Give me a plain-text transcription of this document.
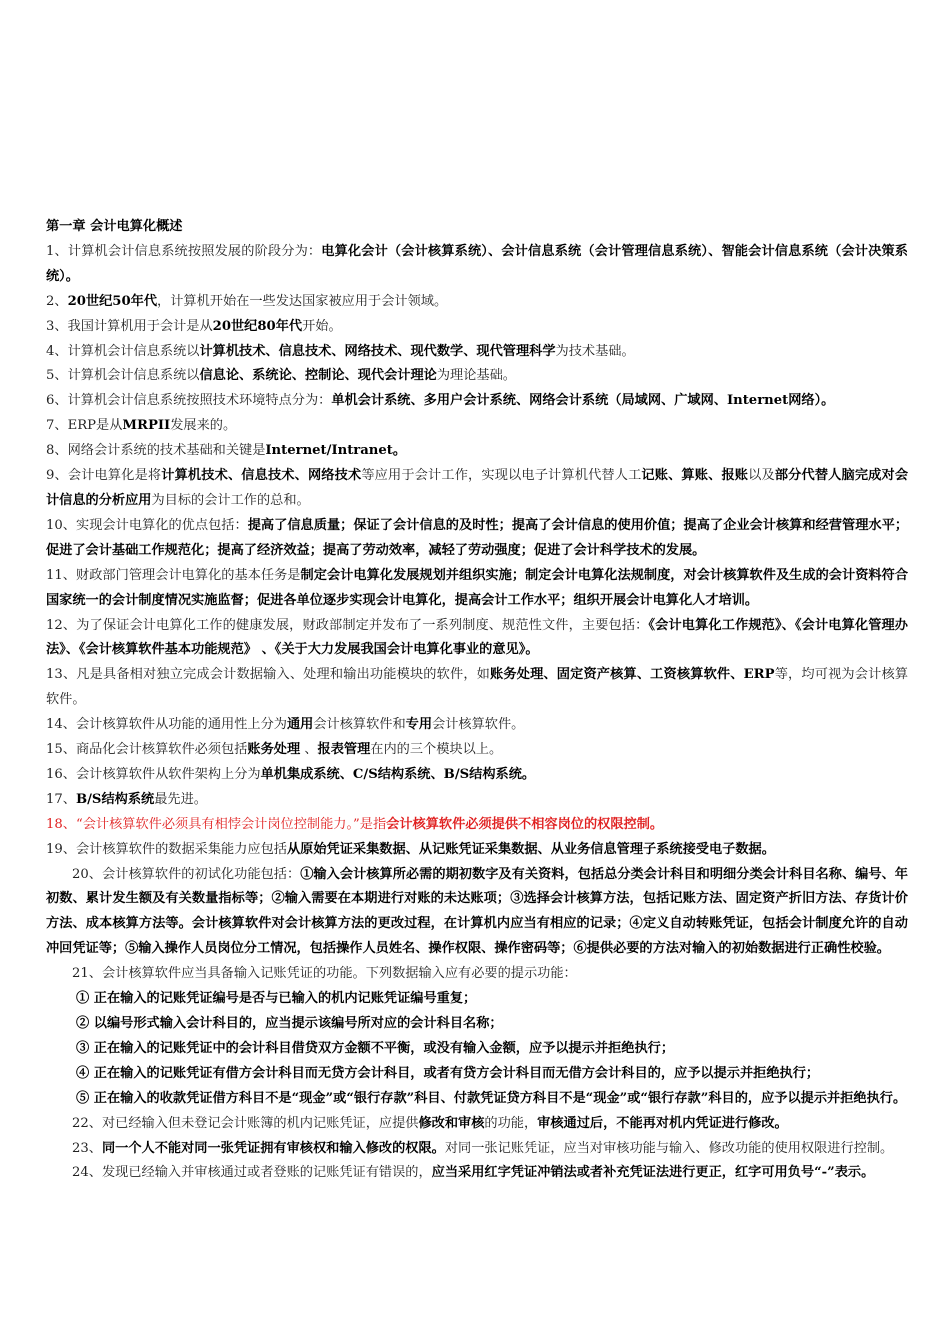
第一章 会计电算化概述

1、计算机会计信息系统按照发展的阶段分为：电算化会计（会计核算系统）、会计信息系统（会计管理信息系统）、智能会计信息系统（会计决策系统）。

2、20世纪50年代，计算机开始在一些发达国家被应用于会计领域。

3、我国计算机用于会计是从20世纪80年代开始。

4、计算机会计信息系统以计算机技术、信息技术、网络技术、现代数学、现代管理科学为技术基础。

5、计算机会计信息系统以信息论、系统论、控制论、现代会计理论为理论基础。

6、计算机会计信息系统按照技术环境特点分为：单机会计系统、多用户会计系统、网络会计系统（局域网、广域网、Internet网络）。

7、ERP是从MRPII发展来的。

8、网络会计系统的技术基础和关键是Internet/Intranet。

9、会计电算化是将计算机技术、信息技术、网络技术等应用于会计工作，实现以电子计算机代替人工记账、算账、报账以及部分代替人脑完成对会计信息的分析应用为目标的会计工作的总和。

10、实现会计电算化的优点包括：提高了信息质量；保证了会计信息的及时性；提高了会计信息的使用价值；提高了企业会计核算和经营管理水平；促进了会计基础工作规范化；提高了经济效益；提高了劳动效率，减轻了劳动强度；促进了会计科学技术的发展。

11、财政部门管理会计电算化的基本任务是制定会计电算化发展规划并组织实施；制定会计电算化法规制度，对会计核算软件及生成的会计资料符合国家统一的会计制度情况实施监督；促进各单位逐步实现会计电算化，提高会计工作水平；组织开展会计电算化人才培训。

12、为了保证会计电算化工作的健康发展，财政部制定并发布了一系列制度、规范性文件，主要包括：《会计电算化工作规范》、《会计电算化管理办法》、《会计核算软件基本功能规范》 、《关于大力发展我国会计电算化事业的意见》。

13、凡是具备相对独立完成会计数据输入、处理和输出功能模块的软件，如账务处理、固定资产核算、工资核算软件、ERP等，均可视为会计核算软件。

14、会计核算软件从功能的通用性上分为通用会计核算软件和专用会计核算软件。

15、商品化会计核算软件必须包括账务处理 、报表管理在内的三个模块以上。

16、会计核算软件从软件架构上分为单机集成系统、C/S结构系统、B/S结构系统。

17、B/S结构系统最先进。

18、“会计核算软件必须具有相悖会计岗位控制能力。”是指会计核算软件必须提供不相容岗位的权限控制。

19、会计核算软件的数据采集能力应包括从原始凭证采集数据、从记账凭证采集数据、从业务信息管理子系统接受电子数据。

20、会计核算软件的初试化功能包括：①输入会计核算所必需的期初数字及有关资料，包括总分类会计科目和明细分类会计科目名称、编号、年初数、累计发生额及有关数量指标等；②输入需要在本期进行对账的未达账项；③选择会计核算方法，包括记账方法、固定资产折旧方法、存货计价方法、成本核算方法等。会计核算软件对会计核算方法的更改过程，在计算机内应当有相应的记录；④定义自动转账凭证，包括会计制度允许的自动冲回凭证等；⑤输入操作人员岗位分工情况，包括操作人员姓名、操作权限、操作密码等；⑥提供必要的方法对输入的初始数据进行正确性校验。

21、会计核算软件应当具备输入记账凭证的功能。下列数据输入应有必要的提示功能：

① 正在输入的记账凭证编号是否与已输入的机内记账凭证编号重复；

② 以编号形式输入会计科目的，应当提示该编号所对应的会计科目名称；

③ 正在输入的记账凭证中的会计科目借贷双方金额不平衡，或没有输入金额，应予以提示并拒绝执行；

④ 正在输入的记账凭证有借方会计科目而无贷方会计科目，或者有贷方会计科目而无借方会计科目的，应予以提示并拒绝执行；

⑤ 正在输入的收款凭证借方科目不是“现金”或“银行存款”科目、付款凭证贷方科目不是“现金”或“银行存款”科目的，应予以提示并拒绝执行。

22、对已经输入但未登记会计账簿的机内记账凭证，应提供修改和审核的功能，审核通过后，不能再对机内凭证进行修改。

23、同一个人不能对同一张凭证拥有审核权和输入修改的权限。对同一张记账凭证，应当对审核功能与输入、修改功能的使用权限进行控制。

24、发现已经输入并审核通过或者登账的记账凭证有错误的，应当采用红字凭证冲销法或者补充凭证法进行更正，红字可用负号“-”表示。
